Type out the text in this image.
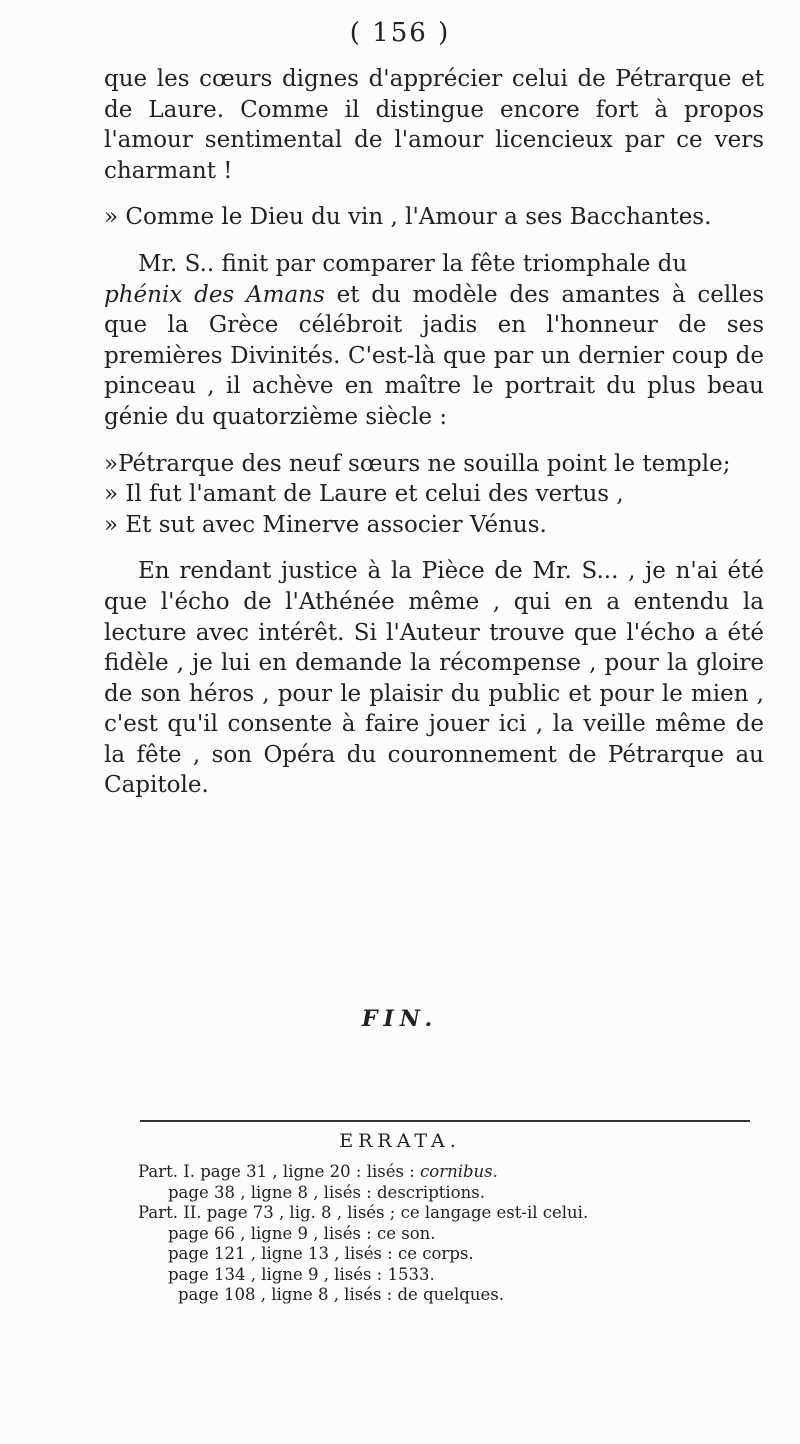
( 156 )

que les cœurs dignes d'apprécier celui de Pétrarque et de Laure. Comme il distingue encore fort à propos l'amour sentimental de l'amour licencieux par ce vers charmant !

» Comme le Dieu du vin , l'Amour a ses Bacchantes.

Mr. S.. finit par comparer la fête triomphale du
phénix des Amans et du modèle des amantes à celles que la Grèce célébroit jadis en l'honneur de ses premières Divinités. C'est-là que par un dernier coup de pinceau , il achève en maître le portrait du plus beau génie du quatorzième siècle :

»Pétrarque des neuf sœurs ne souilla point le temple;

» Il fut l'amant de Laure et celui des vertus ,

» Et sut avec Minerve associer Vénus.

En rendant justice à la Pièce de Mr. S... , je n'ai été que l'écho de l'Athénée même , qui en a entendu la lecture avec intérêt. Si l'Auteur trouve que l'écho a été fidèle , je lui en demande la récompense , pour la gloire de son héros , pour le plaisir du public et pour le mien , c'est qu'il consente à faire jouer ici , la veille même de la fête , son Opéra du couronnement de Pétrarque au Capitole.

FIN.
ERRATA.
Part. I. page 31 , ligne 20 : lisés : cornibus.
page 38 , ligne 8 , lisés : descriptions.
Part. II. page 73 , lig. 8 , lisés ; ce langage est-il celui.
page 66 , ligne 9 , lisés : ce son.
page 121 , ligne 13 , lisés : ce corps.
page 134 , ligne 9 , lisés : 1533.
page 108 , ligne 8 , lisés : de quelques.
